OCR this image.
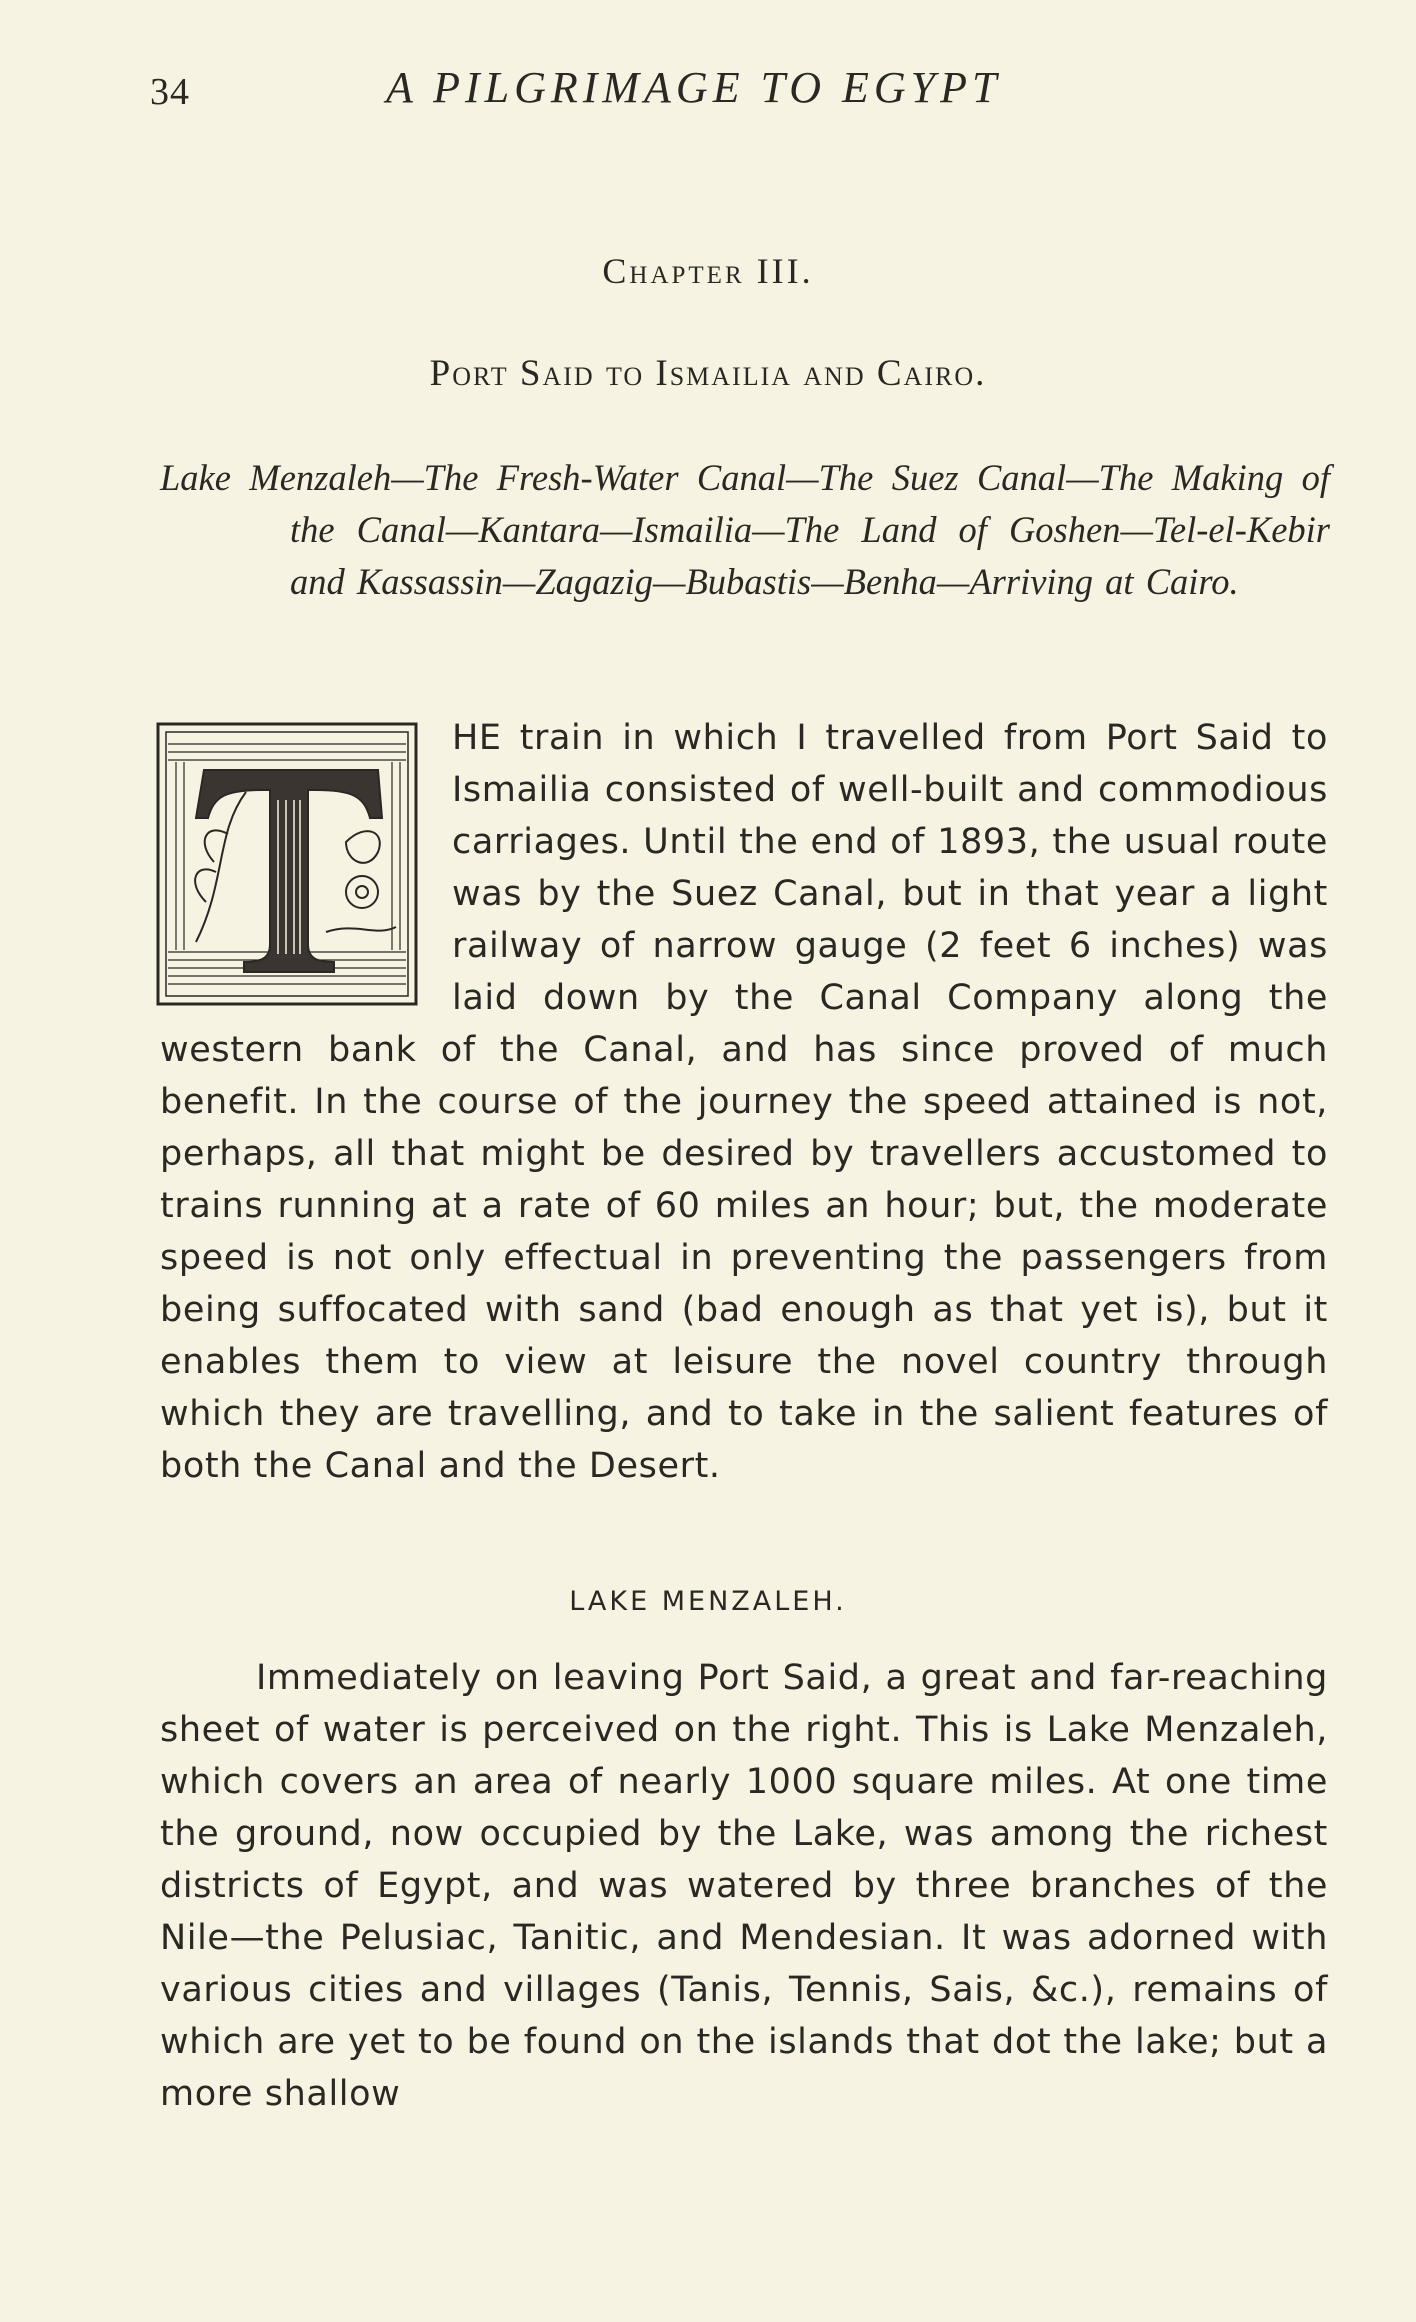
34	A PILGRIMAGE TO EGYPT
Chapter III.
Port Said to Ismailia and Cairo.
Lake Menzaleh—The Fresh-Water Canal—The Suez Canal—The Making of the Canal—Kantara—Ismailia—The Land of Goshen—Tel-el-Kebir and Kassassin—Zagazig—Bubastis—Benha—Arriving at Cairo.
HE train in which I travelled from Port Said to Ismailia consisted of well-built and commodious carriages. Until the end of 1893, the usual route was by the Suez Canal, but in that year a light railway of narrow gauge (2 feet 6 inches) was laid down by the Canal Company along the western bank of the Canal, and has since proved of much benefit. In the course of the journey the speed attained is not, perhaps, all that might be desired by travellers accustomed to trains running at a rate of 60 miles an hour; but, the moderate speed is not only effectual in preventing the passengers from being suffocated with sand (bad enough as that yet is), but it enables them to view at leisure the novel country through which they are travelling, and to take in the salient features of both the Canal and the Desert.
LAKE MENZALEH.
Immediately on leaving Port Said, a great and far-reaching sheet of water is perceived on the right. This is Lake Menzaleh, which covers an area of nearly 1000 square miles. At one time the ground, now occupied by the Lake, was among the richest districts of Egypt, and was watered by three branches of the Nile—the Pelusiac, Tanitic, and Mendesian. It was adorned with various cities and villages (Tanis, Tennis, Sais, &c.), remains of which are yet to be found on the islands that dot the lake; but a more shallow
